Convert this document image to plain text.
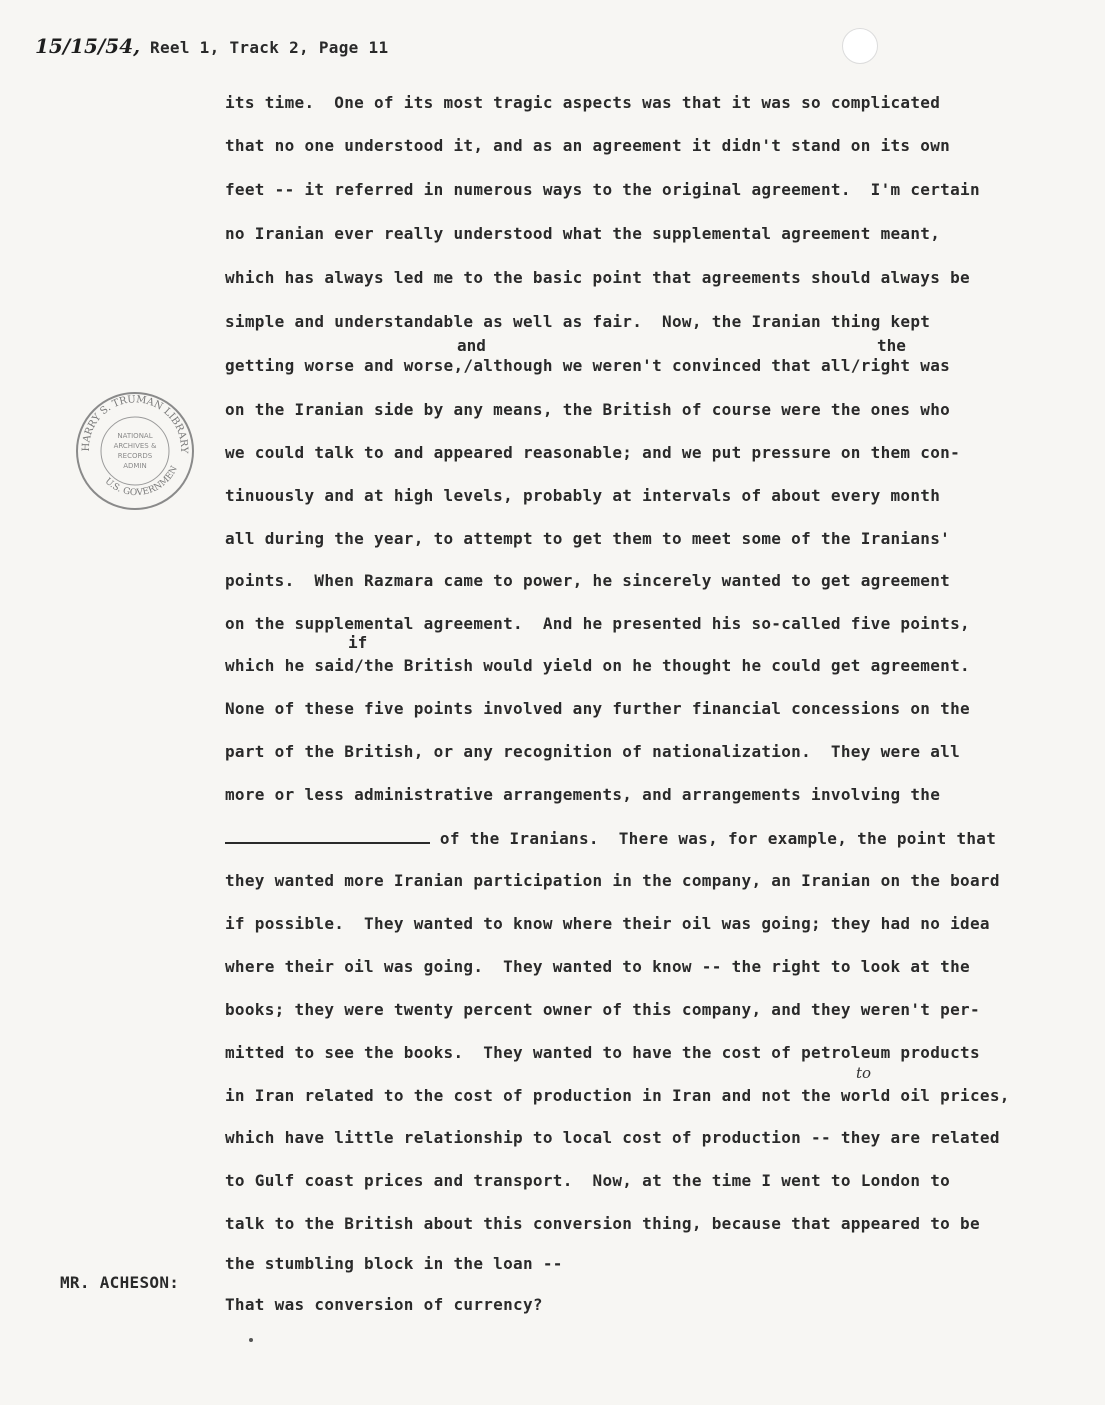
15/15/54, Reel 1, Track 2, Page 11
HARRY S. TRUMAN LIBRARY
U.S. GOVERNMEN
NATIONAL
ARCHIVES &
RECORDS
ADMIN
and	the
if
to
its time.  One of its most tragic aspects was that it was so complicated
that no one understood it, and as an agreement it didn't stand on its own
feet -- it referred in numerous ways to the original agreement.  I'm certain
no Iranian ever really understood what the supplemental agreement meant,
which has always led me to the basic point that agreements should always be
simple and understandable as well as fair.  Now, the Iranian thing kept
getting worse and worse,/although we weren't convinced that all/right was
on the Iranian side by any means, the British of course were the ones who
we could talk to and appeared reasonable; and we put pressure on them con-
tinuously and at high levels, probably at intervals of about every month
all during the year, to attempt to get them to meet some of the Iranians'
points.  When Razmara came to power, he sincerely wanted to get agreement
on the supplemental agreement.  And he presented his so-called five points,
which he said/the British would yield on he thought he could get agreement.
None of these five points involved any further financial concessions on the
part of the British, or any recognition of nationalization.  They were all
more or less administrative arrangements, and arrangements involving the
of the Iranians.  There was, for example, the point that
they wanted more Iranian participation in the company, an Iranian on the board
if possible.  They wanted to know where their oil was going; they had no idea
where their oil was going.  They wanted to know -- the right to look at the
books; they were twenty percent owner of this company, and they weren't per-
mitted to see the books.  They wanted to have the cost of petroleum products
in Iran related to the cost of production in Iran and not the world oil prices,
which have little relationship to local cost of production -- they are related
to Gulf coast prices and transport.  Now, at the time I went to London to
talk to the British about this conversion thing, because that appeared to be
the stumbling block in the loan --
MR. ACHESON:
That was conversion of currency?
